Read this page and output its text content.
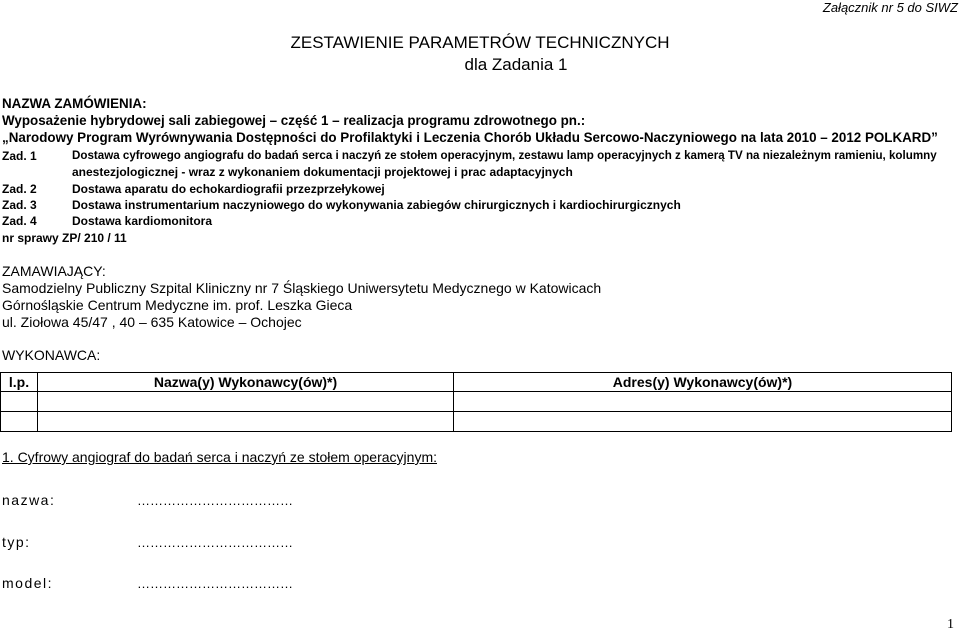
Załącznik nr 5 do SIWZ
ZESTAWIENIE PARAMETRÓW TECHNICZNYCH
dla Zadania 1
NAZWA ZAMÓWIENIA:
Wyposażenie hybrydowej sali zabiegowej – część 1 – realizacja programu zdrowotnego pn.:
„Narodowy Program Wyrównywania Dostępności do Profilaktyki i Leczenia Chorób Układu Sercowo-Naczyniowego na lata 2010 – 2012 POLKARD”
Zad. 1	Dostawa cyfrowego angiografu do badań serca i naczyń ze stołem operacyjnym, zestawu lamp operacyjnych z kamerą TV na niezależnym ramieniu, kolumny
anestezjologicznej - wraz z wykonaniem dokumentacji projektowej i prac adaptacyjnych
Zad. 2	Dostawa aparatu do echokardiografii przezprzełykowej
Zad. 3	Dostawa instrumentarium naczyniowego do wykonywania zabiegów chirurgicznych i kardiochirurgicznych
Zad. 4	Dostawa kardiomonitora
nr sprawy ZP/ 210 / 11
ZAMAWIAJĄCY:
Samodzielny Publiczny Szpital Kliniczny nr 7 Śląskiego Uniwersytetu Medycznego w Katowicach
Górnośląskie Centrum Medyczne im. prof. Leszka Gieca
ul. Ziołowa 45/47 , 40 – 635 Katowice – Ochojec
WYKONAWCA:
l.p.	Nazwa(y) Wykonawcy(ów)*)	Adres(y) Wykonawcy(ów)*)

1. Cyfrowy angiograf do badań serca i naczyń ze stołem operacyjnym:
nazwa:	………………………………
typ:	………………………………
model:	………………………………
1
